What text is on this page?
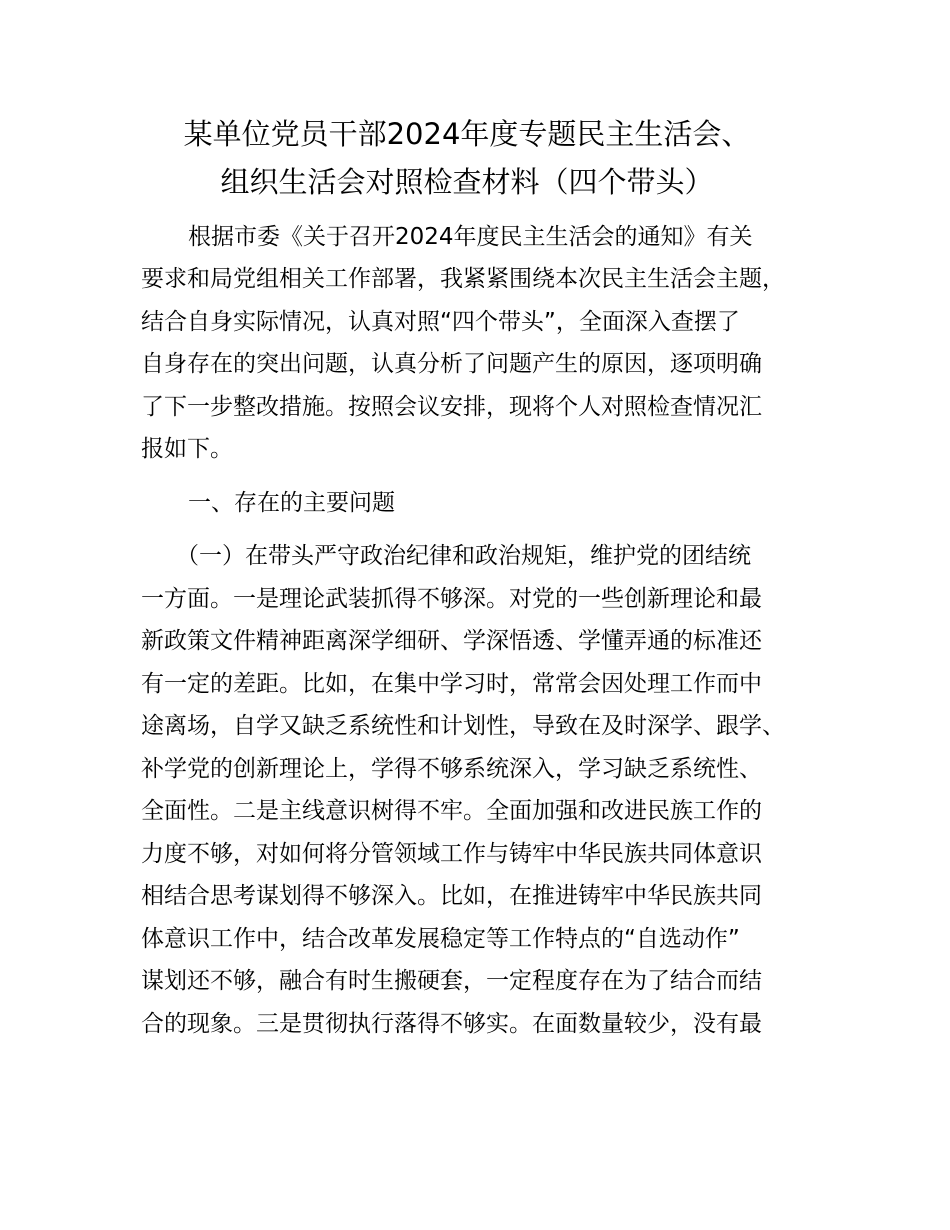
某单位党员干部2024年度专题民主生活会、
组织生活会对照检查材料（四个带头）

根据市委《关于召开2024年度民主生活会的通知》有关

要求和局党组相关工作部署，我紧紧围绕本次民主生活会主题，

结合自身实际情况，认真对照“四个带头”，全面深入查摆了

自身存在的突出问题，认真分析了问题产生的原因，逐项明确

了下一步整改措施。按照会议安排，现将个人对照检查情况汇

报如下。

一、存在的主要问题

（一）在带头严守政治纪律和政治规矩，维护党的团结统

一方面。一是理论武装抓得不够深。对党的一些创新理论和最

新政策文件精神距离深学细研、学深悟透、学懂弄通的标准还

有一定的差距。比如，在集中学习时，常常会因处理工作而中

途离场，自学又缺乏系统性和计划性，导致在及时深学、跟学、

补学党的创新理论上，学得不够系统深入，学习缺乏系统性、

全面性。二是主线意识树得不牢。全面加强和改进民族工作的

力度不够，对如何将分管领域工作与铸牢中华民族共同体意识

相结合思考谋划得不够深入。比如，在推进铸牢中华民族共同

体意识工作中，结合改革发展稳定等工作特点的“自选动作”

谋划还不够，融合有时生搬硬套，一定程度存在为了结合而结

合的现象。三是贯彻执行落得不够实。在面数量较少，没有最
